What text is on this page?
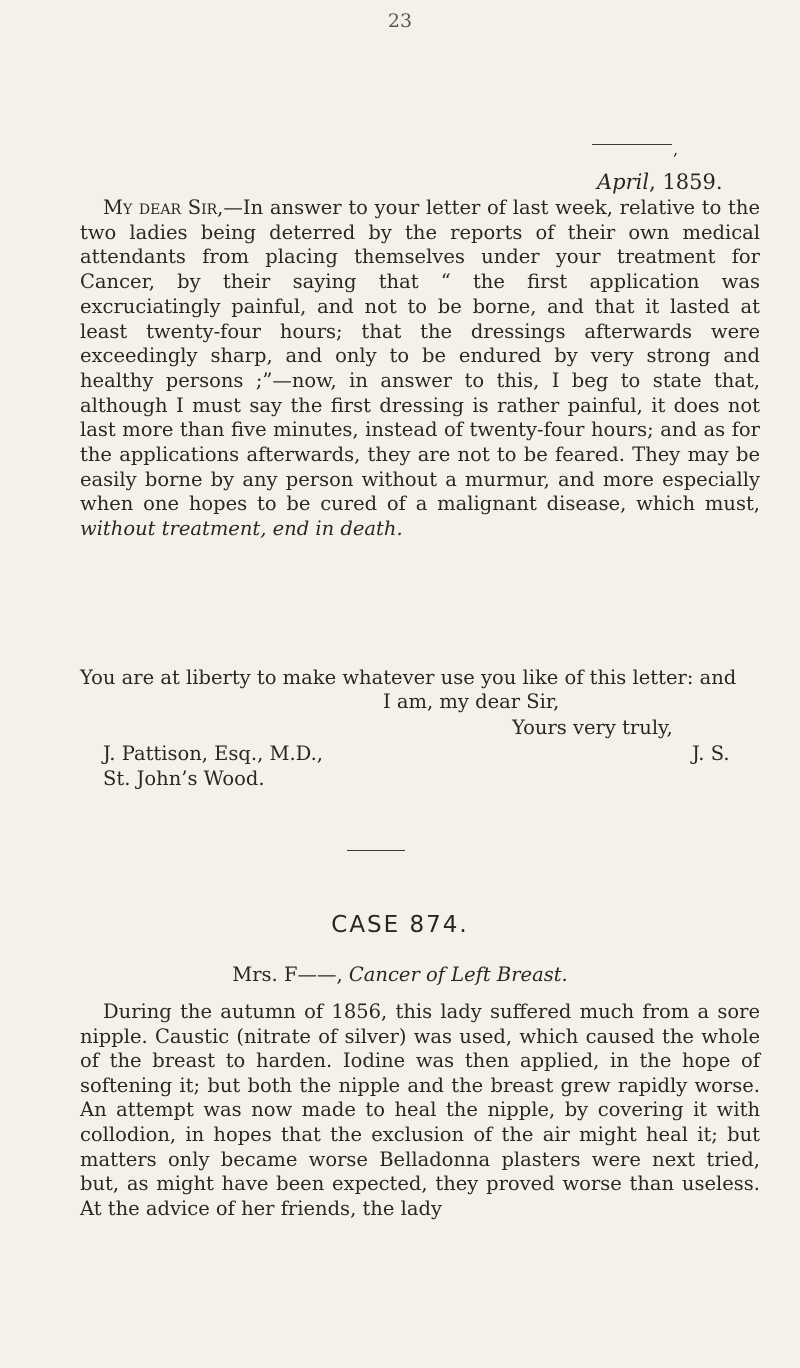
23
,
April, 1859.

My dear Sir,—In answer to your letter of last week, relative to the two ladies being deterred by the reports of their own medical attendants from placing themselves under your treatment for Cancer, by their saying that “ the first application was excruciatingly painful, and not to be borne, and that it lasted at least twenty-four hours; that the dressings afterwards were exceedingly sharp, and only to be endured by very strong and healthy persons ;”—now, in answer to this, I beg to state that, although I must say the first dressing is rather painful, it does not last more than five minutes, instead of twenty-four hours; and as for the applications afterwards, they are not to be feared. They may be easily borne by any person without a murmur, and more especially when one hopes to be cured of a malignant disease, which must, without treatment, end in death.

You are at liberty to make whatever use you like of this letter: and

I am, my dear Sir,
Yours very truly,
J. Pattison, Esq., M.D.,	J. S.
St. John’s Wood.
CASE 874.
Mrs. F——, Cancer of Left Breast.

During the autumn of 1856, this lady suffered much from a sore nipple. Caustic (nitrate of silver) was used, which caused the whole of the breast to harden. Iodine was then applied, in the hope of softening it; but both the nipple and the breast grew rapidly worse. An attempt was now made to heal the nipple, by covering it with collodion, in hopes that the exclusion of the air might heal it; but matters only became worse Belladonna plasters were next tried, but, as might have been expected, they proved worse than useless. At the advice of her friends, the lady
